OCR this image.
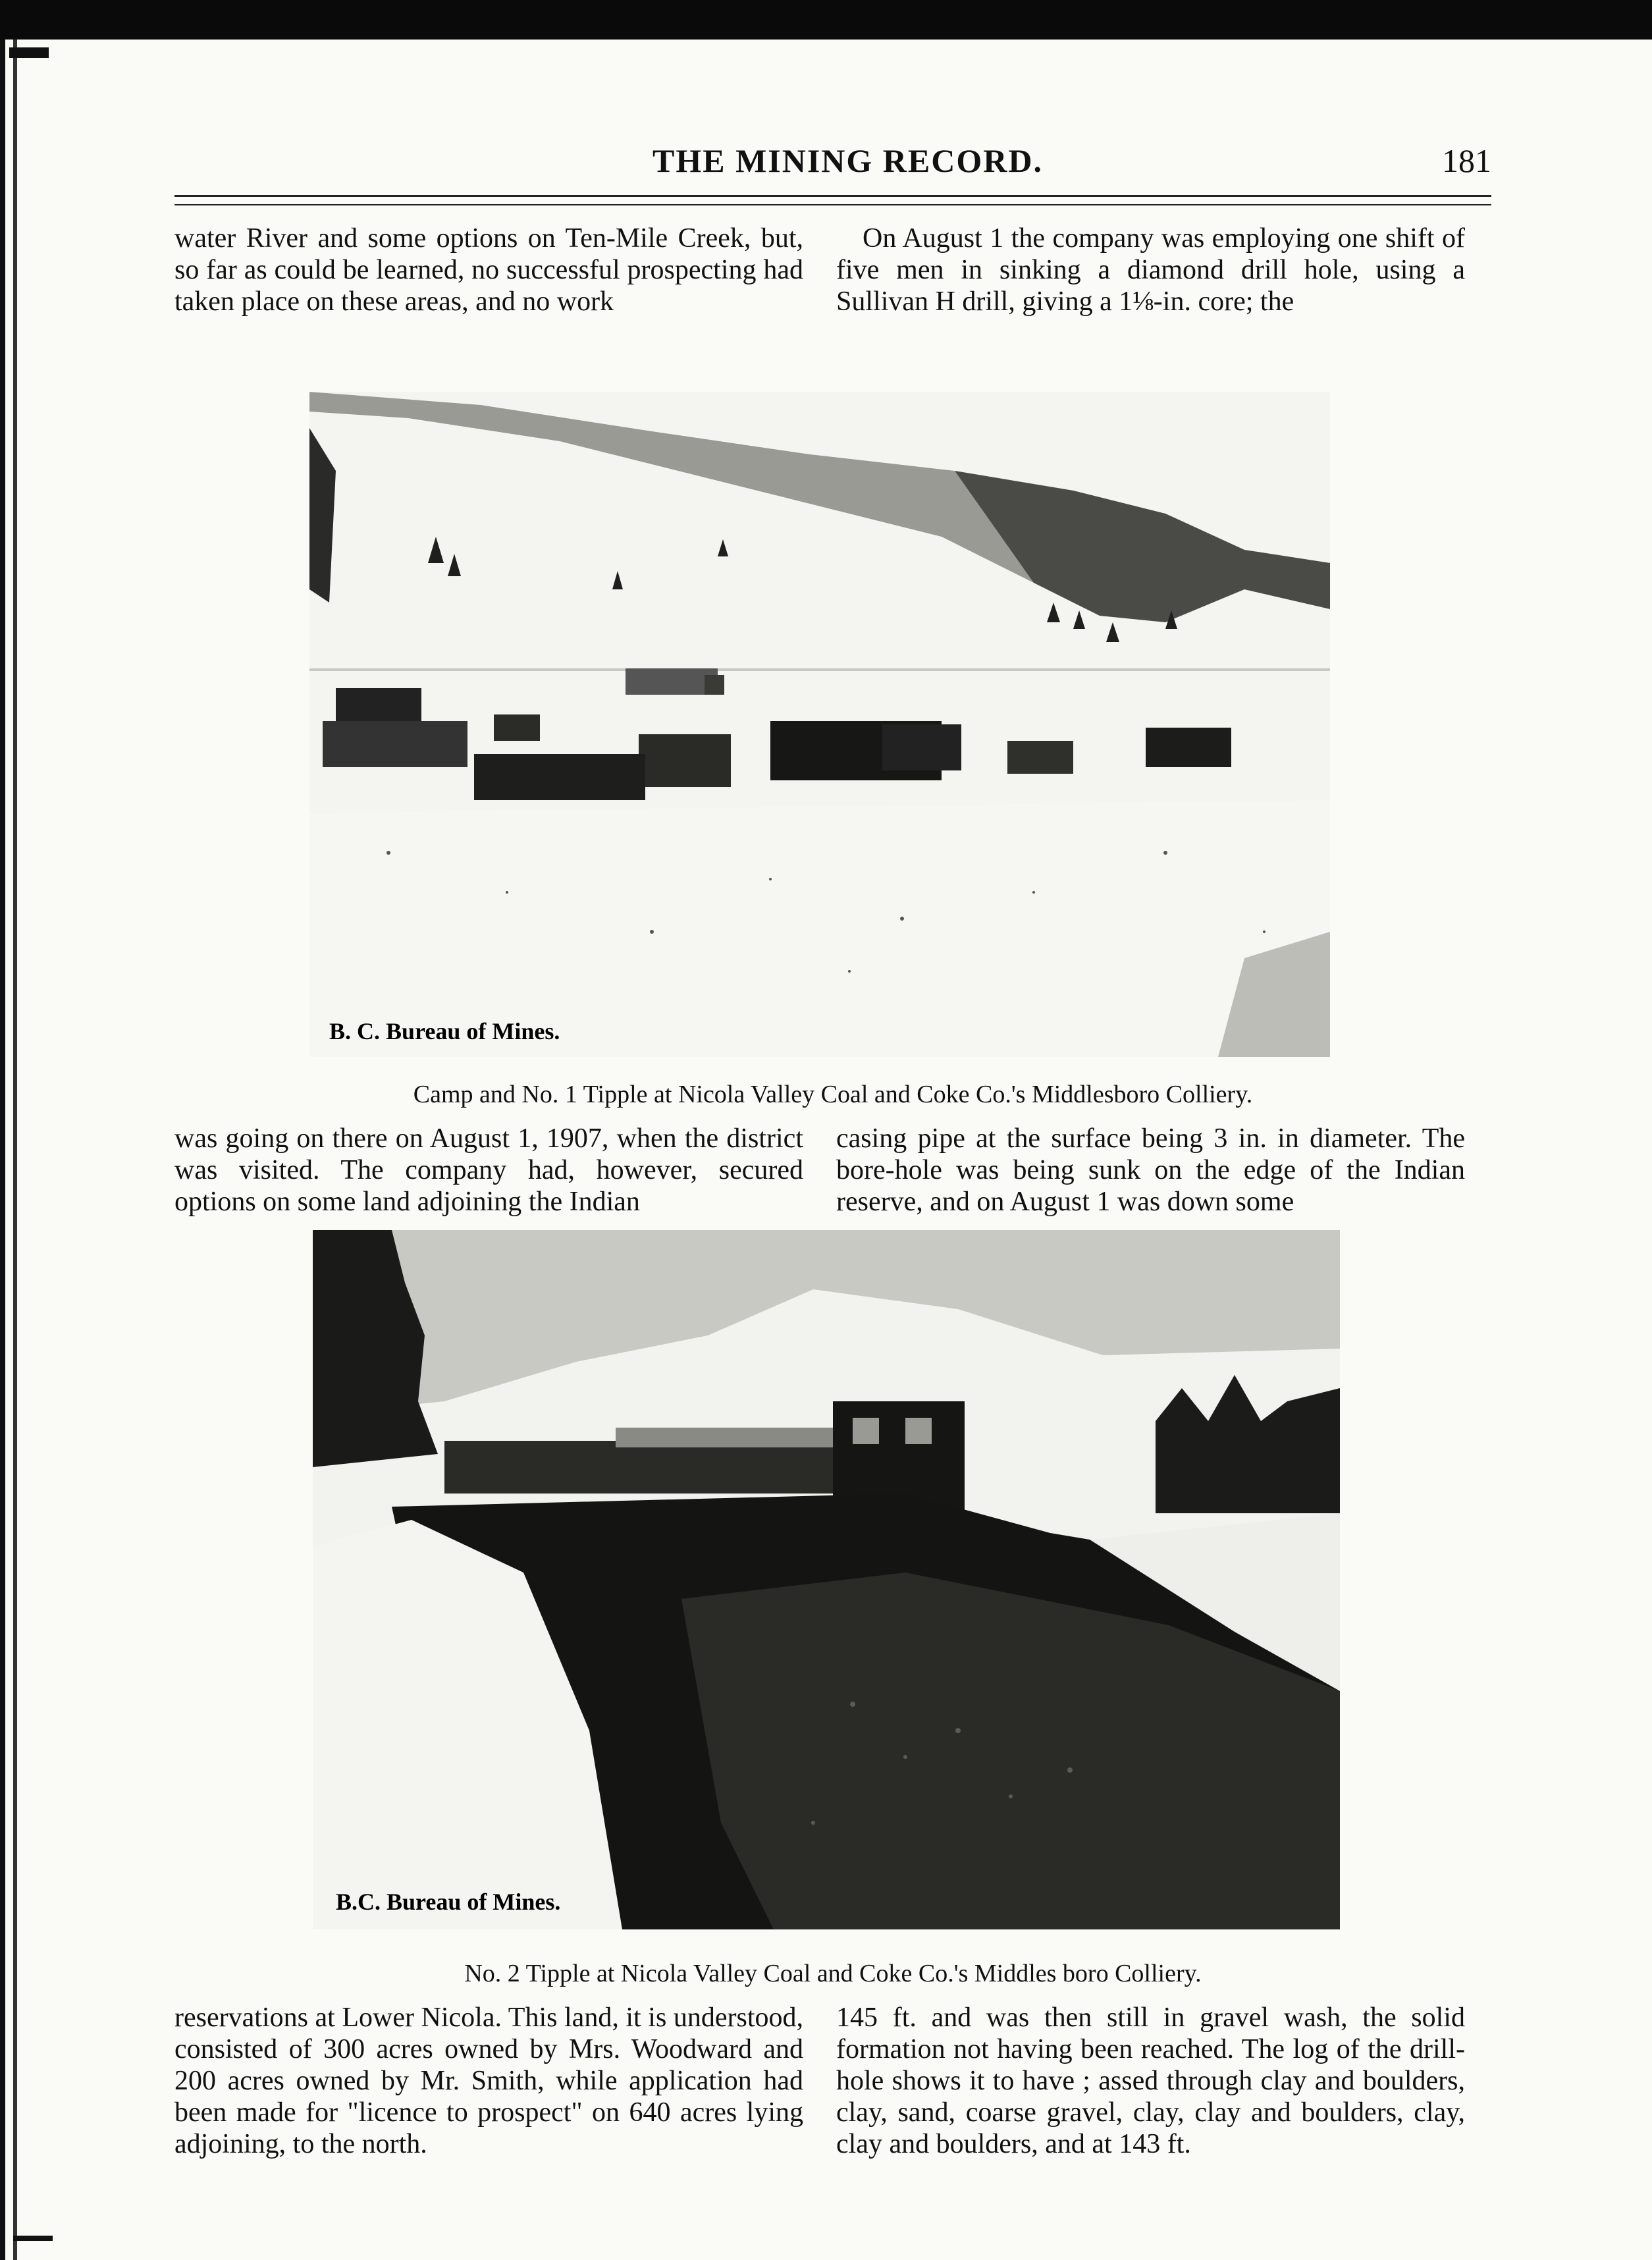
THE MINING RECORD.	181

water River and some options on Ten-Mile Creek, but, so far as could be learned, no successful prospecting had taken place on these areas, and no work

On August 1 the company was employing one shift of five men in sinking a diamond drill hole, using a Sullivan H drill, giving a 1⅛-in. core; the

B. C. Bureau of Mines.
Camp and No. 1 Tipple at Nicola Valley Coal and Coke Co.'s Middlesboro Colliery.

was going on there on August 1, 1907, when the district was visited. The company had, however, secured options on some land adjoining the Indian

casing pipe at the surface being 3 in. in diameter. The bore-hole was being sunk on the edge of the Indian reserve, and on August 1 was down some

B.C. Bureau of Mines.
No. 2 Tipple at Nicola Valley Coal and Coke Co.'s Middles boro Colliery.

reservations at Lower Nicola. This land, it is understood, consisted of 300 acres owned by Mrs. Woodward and 200 acres owned by Mr. Smith, while application had been made for "licence to prospect" on 640 acres lying adjoining, to the north.

145 ft. and was then still in gravel wash, the solid formation not having been reached. The log of the drill-hole shows it to have ; assed through clay and boulders, clay, sand, coarse gravel, clay, clay and boulders, clay, clay and boulders, and at 143 ft.
